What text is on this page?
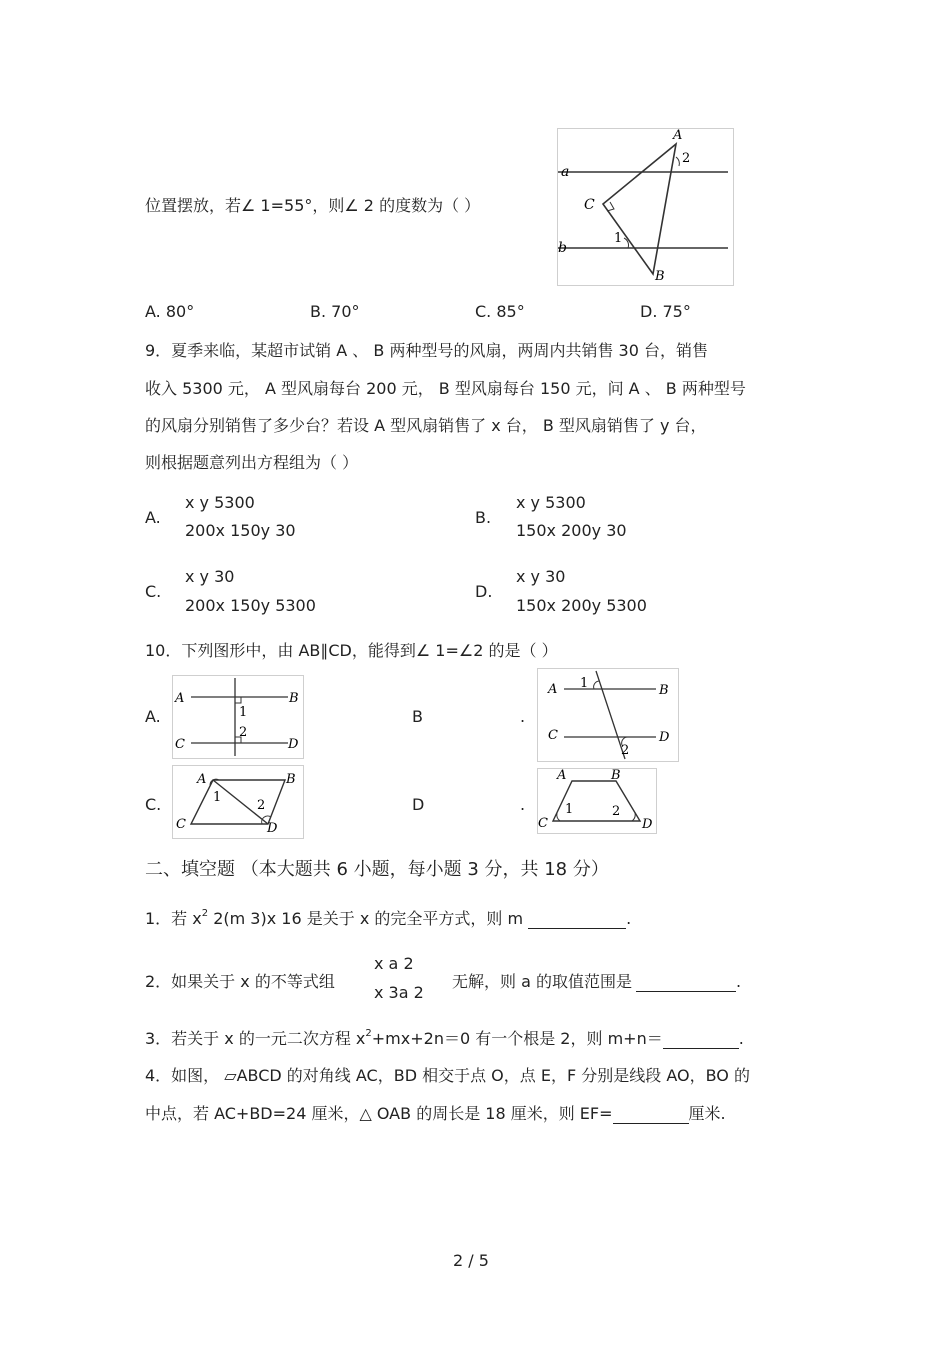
位置摆放，若∠ 1=55°，则∠ 2 的度数为（ ）
a
b
A
B
C
1
2
A. 80°	B. 70°	C. 85°	D. 75°
9．夏季来临，某超市试销 A 、 B 两种型号的风扇，两周内共销售 30 台，销售
收入 5300 元， A 型风扇每台 200 元， B 型风扇每台 150 元，问 A 、 B 两种型号
的风扇分别销售了多少台？若设 A 型风扇销售了 x 台， B 型风扇销售了 y 台，
则根据题意列出方程组为（ ）
A.
x y 5300
200x 150y 30
B.
x y 5300
150x 200y 30
C.
x y 30
200x 150y 5300
D.
x y 30
150x 200y 5300
10．下列图形中，由 AB∥CD，能得到∠ 1=∠2 的是（ ）
A.
A	B
C	D
1
2
B	.
A	B
C	D
1
2
C.
A	B
C	D
1
2	D	.
A	B
C	D
1	2
二、填空题 （本大题共 6 小题，每小题 3 分，共 18 分）
1．若 $x^2$ 2(m 3)x 16 是关于 x 的完全平方式，则 m	.
2．如果关于 x 的不等式组
x a 2
x 3a 2
无解，则 a 的取值范围是	.
3．若关于 x 的一元二次方程 $x^2+mx+2n=0$ 有一个根是 2，则 m+n＝	.
4．如图， ▱ABCD 的对角线 AC，BD 相交于点 O，点 E，F 分别是线段 AO，BO 的
中点，若 AC+BD=24 厘米，△ OAB 的周长是 18 厘米，则 EF=	厘米.
2 / 5
